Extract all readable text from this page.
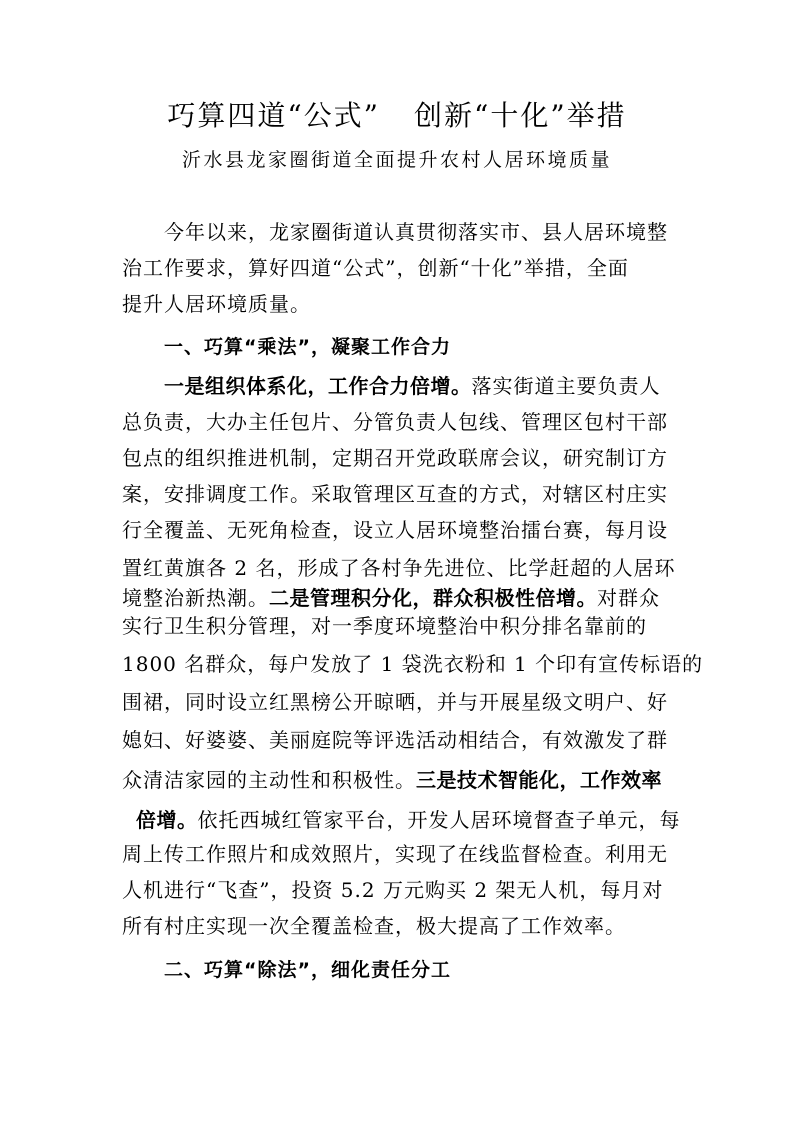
巧算四道“公式” 创新“十化”举措
沂水县龙家圈街道全面提升农村人居环境质量
今年以来，龙家圈街道认真贯彻落实市、县人居环境整
治工作要求，算好四道“公式”，创新“十化”举措，全面
提升人居环境质量。
一、巧算“乘法”，凝聚工作合力
一是组织体系化，工作合力倍增。落实街道主要负责人
总负责，大办主任包片、分管负责人包线、管理区包村干部
包点的组织推进机制，定期召开党政联席会议，研究制订方
案，安排调度工作。采取管理区互查的方式，对辖区村庄实
行全覆盖、无死角检查，设立人居环境整治擂台赛，每月设
置红黄旗各 2 名，形成了各村争先进位、比学赶超的人居环
境整治新热潮。二是管理积分化，群众积极性倍增。对群众
实行卫生积分管理，对一季度环境整治中积分排名靠前的
1800 名群众，每户发放了 1 袋洗衣粉和 1 个印有宣传标语的
围裙，同时设立红黑榜公开晾晒，并与开展星级文明户、好
媳妇、好婆婆、美丽庭院等评选活动相结合，有效激发了群
众清洁家园的主动性和积极性。三是技术智能化，工作效率
倍增。依托西城红管家平台，开发人居环境督查子单元，每
周上传工作照片和成效照片，实现了在线监督检查。利用无
人机进行“飞查”，投资 5.2 万元购买 2 架无人机，每月对
所有村庄实现一次全覆盖检查，极大提高了工作效率。
二、巧算“除法”，细化责任分工
